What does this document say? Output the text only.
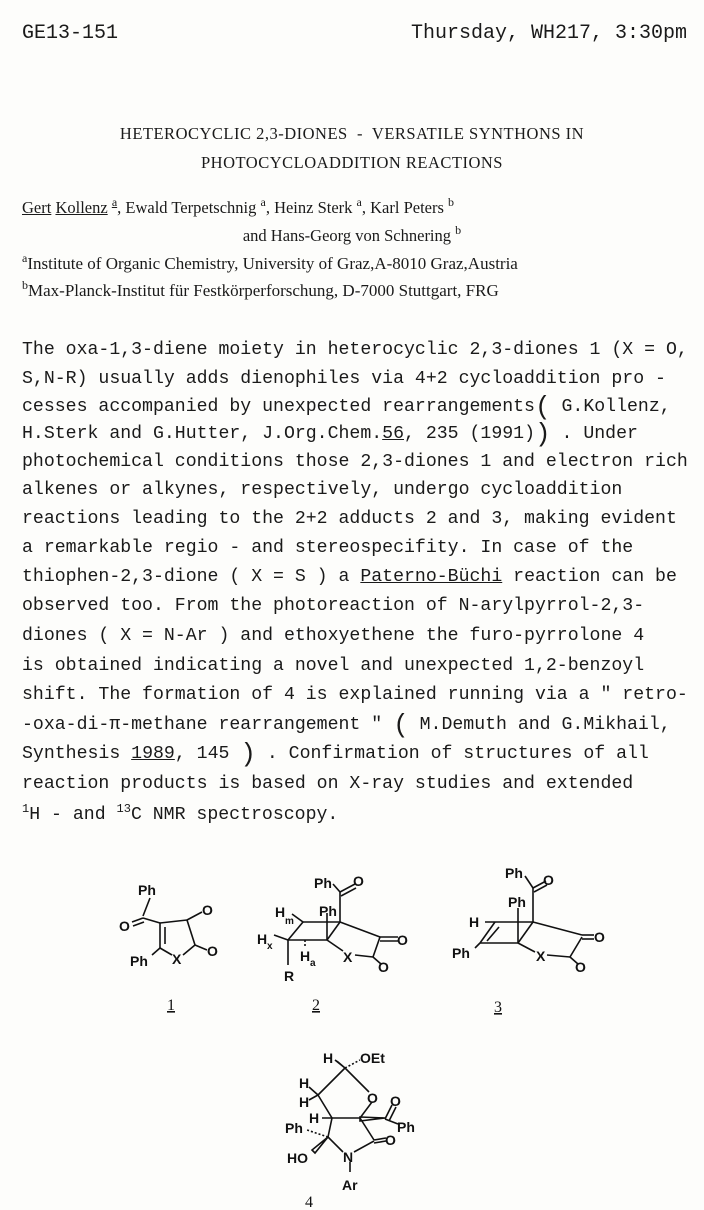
GE13-151	Thursday, WH217, 3:30pm
HETEROCYCLIC 2,3-DIONES  -  VERSATILE SYNTHONS IN
PHOTOCYCLOADDITION REACTIONS
Gert Kollenz $^a$, Ewald Terpetschnig $^a$, Heinz Sterk $^a$, Karl Peters $^b$
and Hans-Georg von Schnering $^b$
$^a$Institute of Organic Chemistry, University of Graz,A-8010 Graz,Austria
$^b$Max-Planck-Institut für Festkörperforschung, D-7000 Stuttgart, FRG
The oxa-1,3-diene moiety in heterocyclic 2,3-diones 1 (X = O,
S,N-R) usually adds dienophiles via 4+2 cycloaddition pro -
cesses accompanied by unexpected rearrangements( G.Kollenz,
H.Sterk and G.Hutter, J.Org.Chem.56, 235 (1991)) . Under
photochemical conditions those 2,3-diones 1 and electron rich
alkenes or alkynes, respectively, undergo cycloaddition
reactions leading to the 2+2 adducts 2 and 3, making evident
a remarkable regio - and stereospecifity. In case of the
thiophen-2,3-dione ( X = S ) a Paterno-Büchi reaction can be
observed too. From the photoreaction of N-arylpyrrol-2,3-
diones ( X = N-Ar ) and ethoxyethene the furo-pyrrolone 4
is obtained indicating a novel and unexpected 1,2-benzoyl
shift. The formation of 4 is explained running via a " retro-
-oxa-di-π-methane rearrangement " ( M.Demuth and G.Mikhail,
Synthesis 1989, 145 ) . Confirmation of structures of all
reaction products is based on X-ray studies and extended
$^1$H - and $^{13}$C NMR spectroscopy.
Ph
O
O
O
X
Ph
1
Ph O
Ph
H
m
H x
H a
R
O
O
X
2
Ph O
Ph
H
Ph
O
O
X
3
H OEt
H
H	O
H
O
Ph
Ph
O
HO	N
Ar
4
